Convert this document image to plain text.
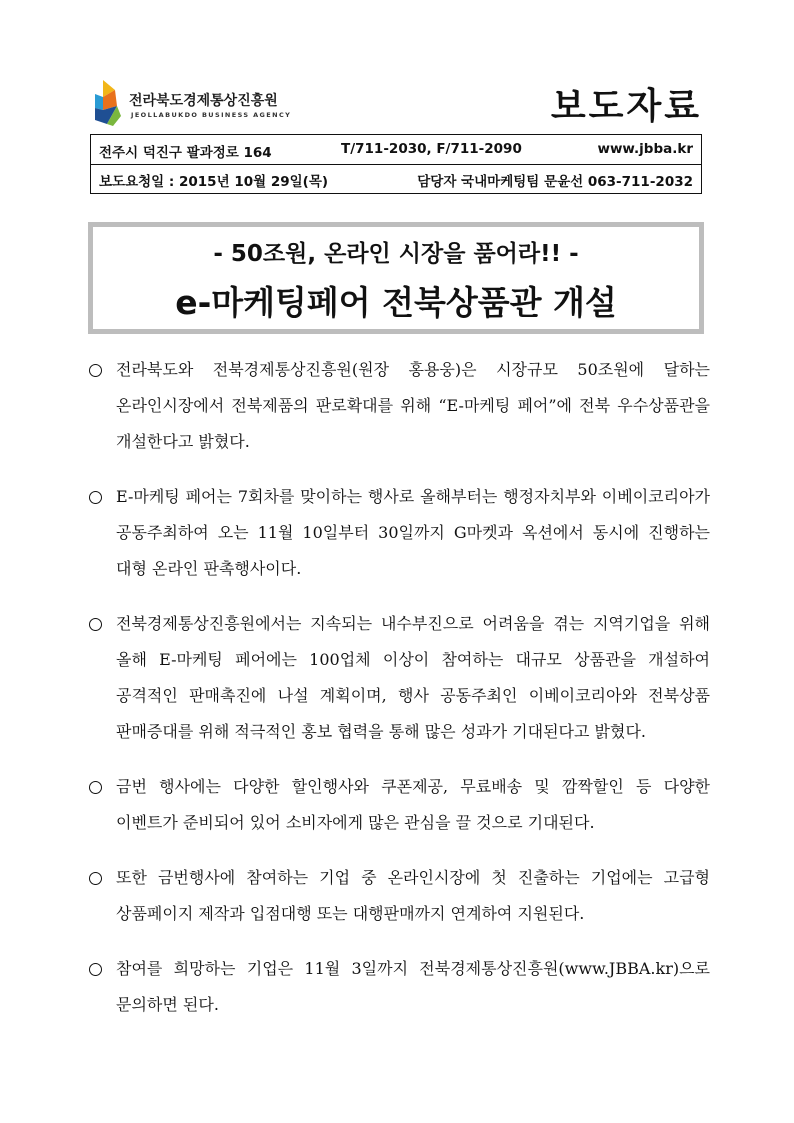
전라북도경제통상진흥원
JEOLLABUKDO BUSINESS AGENCY	보도자료
전주시 덕진구 팔과정로 164	T/711-2030, F/711-2090	www.jbba.kr
보도요청일 : 2015년 10월 29일(목)	담당자 국내마케팅팀 문윤선 063-711-2032
- 50조원, 온라인 시장을 품어라!! -
e-마케팅페어 전북상품관 개설

전라북도와 전북경제통상진흥원(원장 홍용웅)은 시장규모 50조원에 달하는 온라인시장에서 전북제품의 판로확대를 위해 “E-마케팅 페어”에 전북 우수상품관을 개설한다고 밝혔다.

E-마케팅 페어는 7회차를 맞이하는 행사로 올해부터는 행정자치부와 이베이코리아가 공동주최하여 오는 11월 10일부터 30일까지 G마켓과 옥션에서 동시에 진행하는 대형 온라인 판촉행사이다.

전북경제통상진흥원에서는 지속되는 내수부진으로 어려움을 겪는 지역기업을 위해 올해 E-마케팅 페어에는 100업체 이상이 참여하는 대규모 상품관을 개설하여 공격적인 판매촉진에 나설 계획이며, 행사 공동주최인 이베이코리아와 전북상품 판매증대를 위해 적극적인 홍보 협력을 통해 많은 성과가 기대된다고 밝혔다.

금번 행사에는 다양한 할인행사와 쿠폰제공, 무료배송 및 깜짝할인 등 다양한 이벤트가 준비되어 있어 소비자에게 많은 관심을 끌 것으로 기대된다.

또한 금번행사에 참여하는 기업 중 온라인시장에 첫 진출하는 기업에는 고급형 상품페이지 제작과 입점대행 또는 대행판매까지 연계하여 지원된다.

참여를 희망하는 기업은 11월 3일까지 전북경제통상진흥원(www.JBBA.kr)으로 문의하면 된다.
